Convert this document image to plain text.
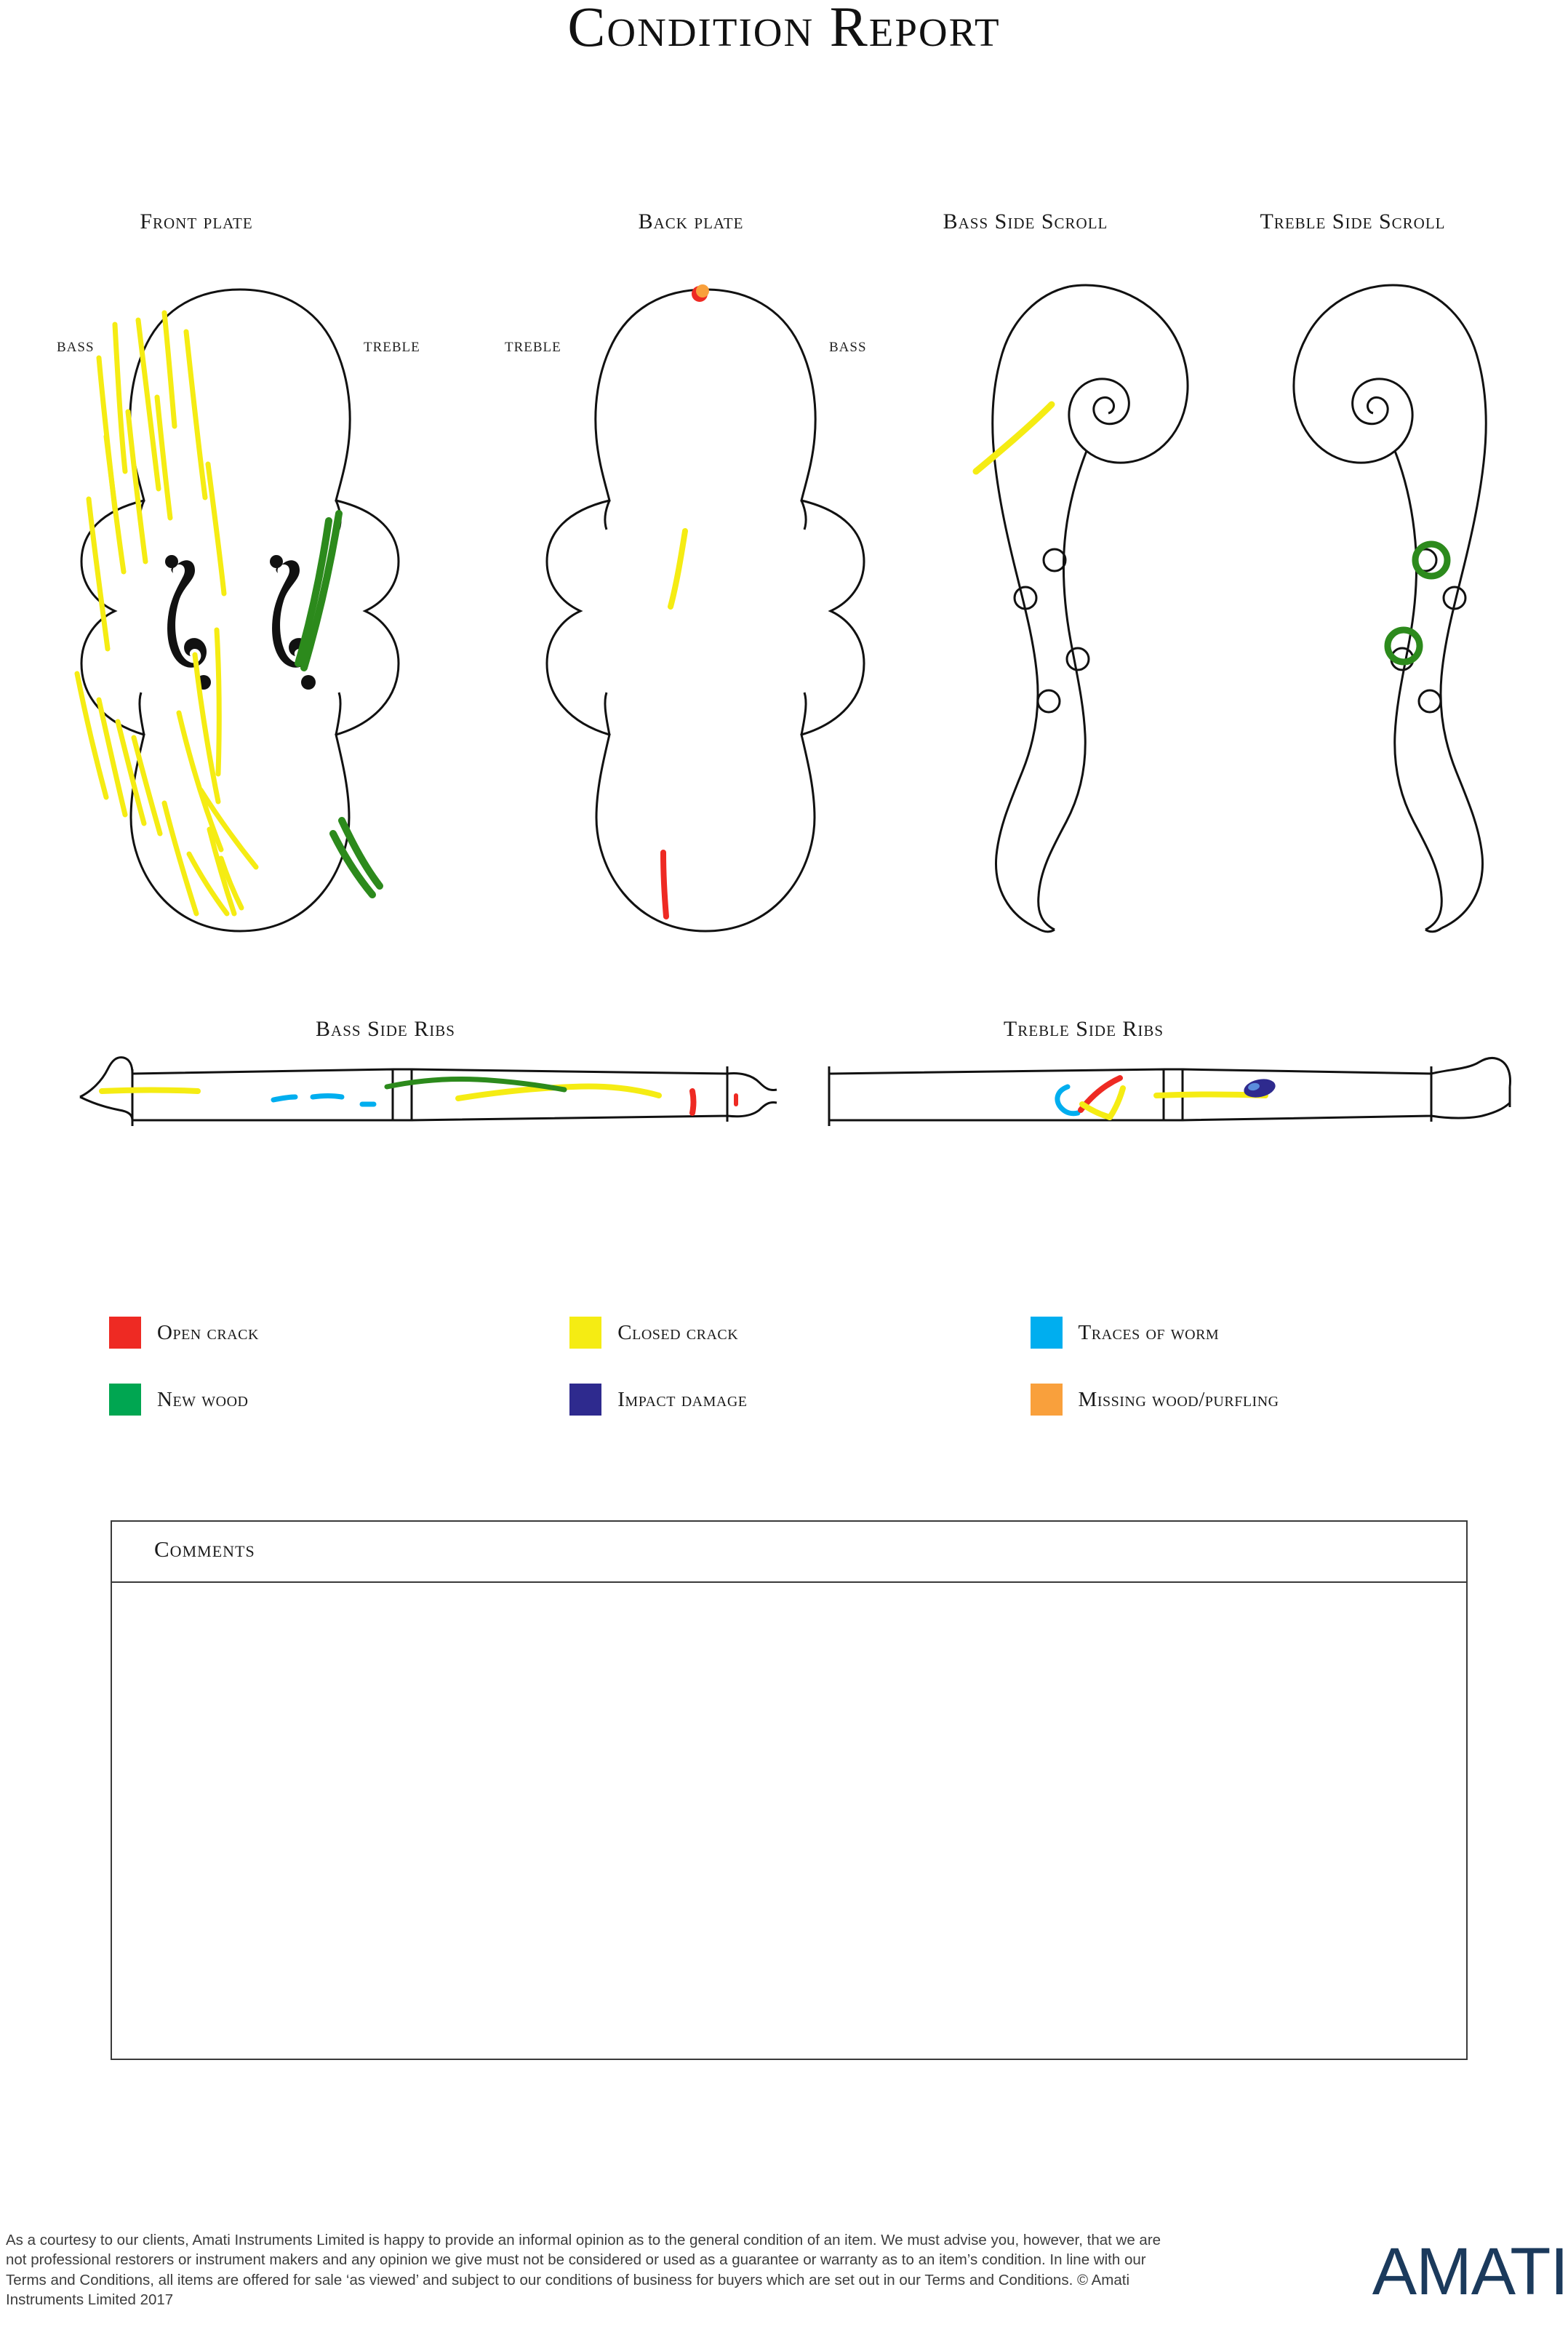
Condition Report
Front plate	Back plate	Bass Side Scroll	Treble Side Scroll
BASS	TREBLE	TREBLE	BASS
Bass Side Ribs	Treble Side Ribs
Open crack	Closed crack	Traces of worm
New wood	Impact damage	Missing wood/purfling
Comments
As a courtesy to our clients, Amati Instruments Limited is happy to provide an informal opinion as to the general condition of an item. We must advise you, however, that we are not professional restorers or instrument makers and any opinion we give must not be considered or used as a guarantee or warranty as to an item’s condition. In line with our Terms and Conditions, all items are offered for sale ‘as viewed’ and subject to our conditions of business for buyers which are set out in our Terms and Conditions. © Amati Instruments Limited 2017	AMATI
